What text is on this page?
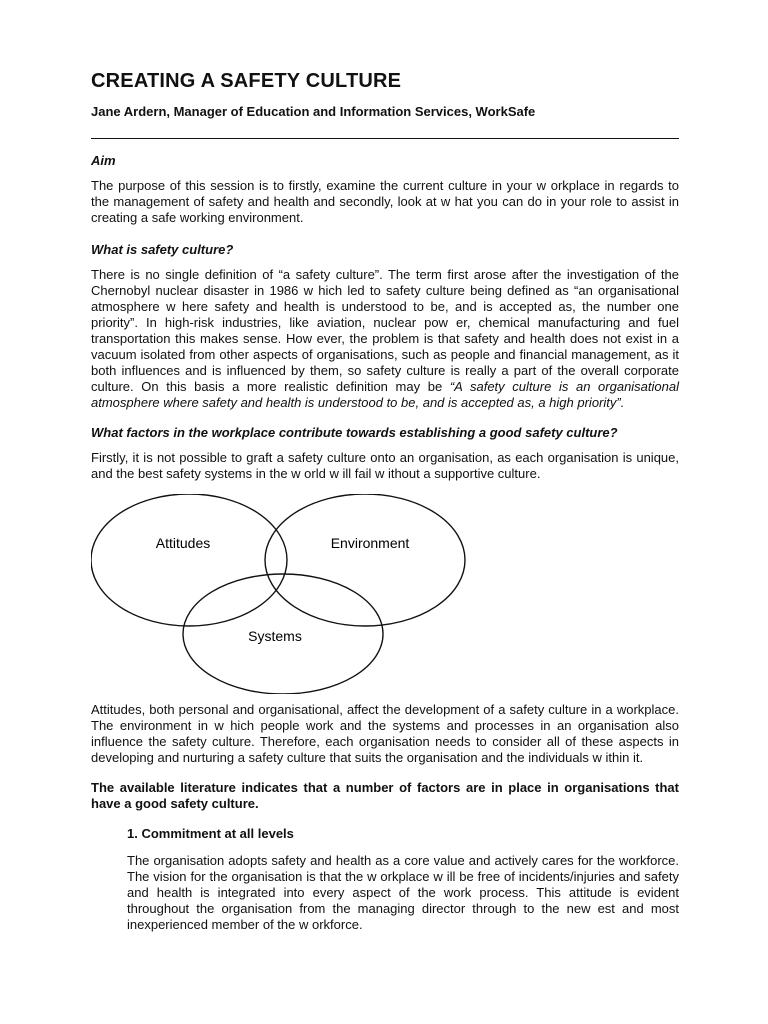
CREATING A SAFETY CULTURE
Jane Ardern, Manager of Education and Information Services, WorkSafe
Aim

The purpose of this session is to firstly, examine the current culture in your w orkplace in regards to the management of safety and health and secondly, look at w hat you can do in your role to assist in creating a safe working environment.

What is safety culture?

There is no single definition of “a safety culture”. The term first arose after the investigation of the Chernobyl nuclear disaster in 1986 w hich led to safety culture being defined as “an organisational atmosphere w here safety and health is understood to be, and is accepted as, the number one priority”. In high-risk industries, like aviation, nuclear pow er, chemical manufacturing and fuel transportation this makes sense. How ever, the problem is that safety and health does not exist in a vacuum isolated from other aspects of organisations, such as people and financial management, as it both influences and is influenced by them, so safety culture is really a part of the overall corporate culture. On this basis a more realistic definition may be “A safety culture is an organisational atmosphere where safety and health is understood to be, and is accepted as, a high priority”.

What factors in the workplace contribute towards establishing a good safety culture?

Firstly, it is not possible to graft a safety culture onto an organisation, as each organisation is unique, and the best safety systems in the w orld w ill fail w ithout a supportive culture.

Attitudes	Environment
Systems

Attitudes, both personal and organisational, affect the development of a safety culture in a workplace. The environment in w hich people work and the systems and processes in an organisation also influence the safety culture. Therefore, each organisation needs to consider all of these aspects in developing and nurturing a safety culture that suits the organisation and the individuals w ithin it.

The available literature indicates that a number of factors are in place in organisations that have a good safety culture.

1. Commitment at all levels

The organisation adopts safety and health as a core value and actively cares for the workforce. The vision for the organisation is that the w orkplace w ill be free of incidents/injuries and safety and health is integrated into every aspect of the work process. This attitude is evident throughout the organisation from the managing director through to the new est and most inexperienced member of the w orkforce.
